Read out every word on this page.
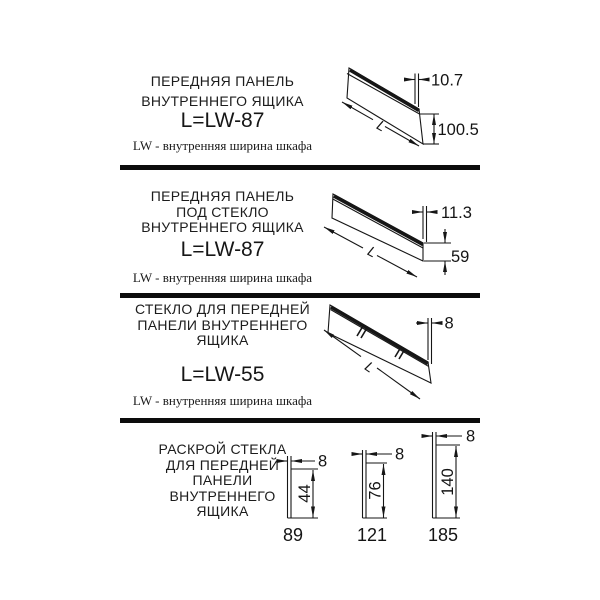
ПЕРЕДНЯЯ ПАНЕЛЬ
ВНУТРЕННЕГО ЯЩИКА
L=LW-87
LW - внутренняя ширина шкафа
L
10.7
100.5
ПЕРЕДНЯЯ ПАНЕЛЬ
ПОД СТЕКЛО
ВНУТРЕННЕГО ЯЩИКА
L=LW-87
LW - внутренняя ширина шкафа
L
11.3
59
СТЕКЛО ДЛЯ ПЕРЕДНЕЙ
ПАНЕЛИ ВНУТРЕННЕГО
ЯЩИКА
L=LW-55
LW - внутренняя ширина шкафа
L
8
РАСКРОЙ СТЕКЛА
ДЛЯ ПЕРЕДНЕЙ
ПАНЕЛИ
ВНУТРЕННЕГО
ЯЩИКА
8
44
89
8
76
121
8
140
185
